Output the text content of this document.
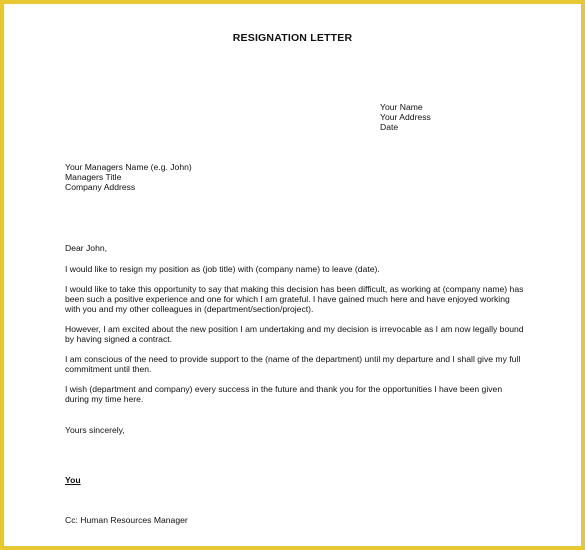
RESIGNATION LETTER
Your Name
Your Address
Date
Your Managers Name (e.g. John)
Managers Title
Company Address
Dear John,
I would like to resign my position as (job title) with (company name) to leave (date).
I would like to take this opportunity to say that making this decision has been difficult, as working at (company name) has been such a positive experience and one for which I am grateful. I have gained much here and have enjoyed working with you and my other colleagues in (department/section/project).
However, I am excited about the new position I am undertaking and my decision is irrevocable as I am now legally bound by having signed a contract.
I am conscious of the need to provide support to the (name of the department) until my departure and I shall give my full commitment until then.
I wish (department and company) every success in the future and thank you for the opportunities I have been given during my time here.
Yours sincerely,
You
Cc: Human Resources Manager
